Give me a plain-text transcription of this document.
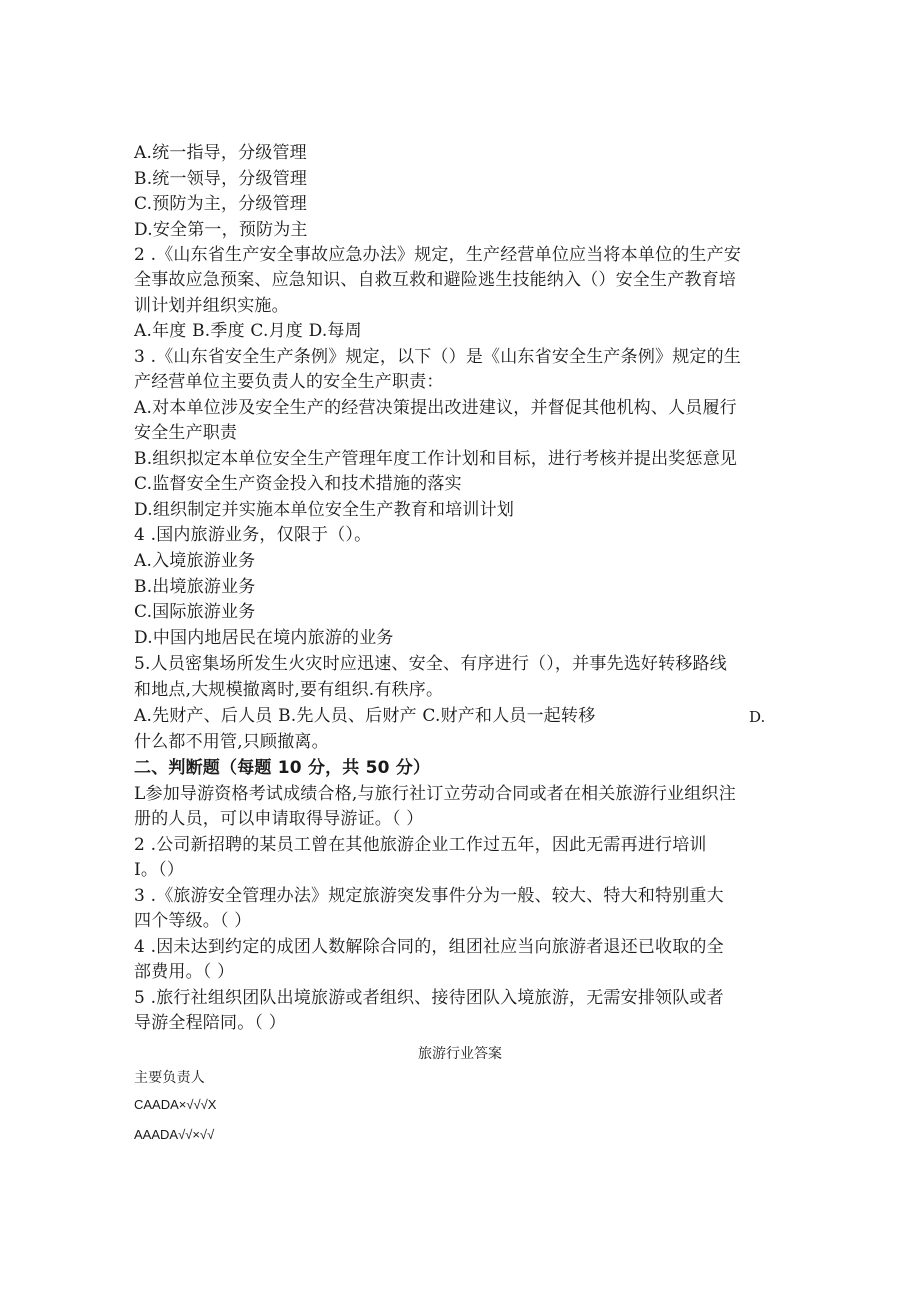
A.统一指导，分级管理
B.统一领导，分级管理
C.预防为主，分级管理
D.安全第一，预防为主
2 .《山东省生产安全事故应急办法》规定，生产经营单位应当将本单位的生产安
全事故应急预案、应急知识、自救互救和避险逃生技能纳入（）安全生产教育培
训计划并组织实施。
A.年度 B.季度 C.月度 D.每周
3 .《山东省安全生产条例》规定，以下（）是《山东省安全生产条例》规定的生
产经营单位主要负责人的安全生产职责：
A.对本单位涉及安全生产的经营决策提出改进建议，并督促其他机构、人员履行
安全生产职责
B.组织拟定本单位安全生产管理年度工作计划和目标，进行考核并提出奖惩意见
C.监督安全生产资金投入和技术措施的落实
D.组织制定并实施本单位安全生产教育和培训计划
4 .国内旅游业务，仅限于（）。
A.入境旅游业务
B.出境旅游业务
C.国际旅游业务
D.中国内地居民在境内旅游的业务
5.人员密集场所发生火灾时应迅速、安全、有序进行（），并事先选好转移路线
和地点,大规模撤离时,要有组织.有秩序。
A.先财产、后人员 B.先人员、后财产 C.财产和人员一起转移	D.
什么都不用管,只顾撤离。
二、判断题（每题 10 分，共 50 分）
L参加导游资格考试成绩合格,与旅行社订立劳动合同或者在相关旅游行业组织注
册的人员，可以申请取得导游证。（ ）
2 .公司新招聘的某员工曾在其他旅游企业工作过五年，因此无需再进行培训
I。（）
3 .《旅游安全管理办法》规定旅游突发事件分为一般、较大、特大和特别重大
四个等级。（ ）
4 .因未达到约定的成团人数解除合同的，组团社应当向旅游者退还已收取的全
部费用。（ ）
5 .旅行社组织团队出境旅游或者组织、接待团队入境旅游，无需安排领队或者
导游全程陪同。（ ）
旅游行业答案
主要负责人
CAADA×√√√X
AAADA√√×√√
